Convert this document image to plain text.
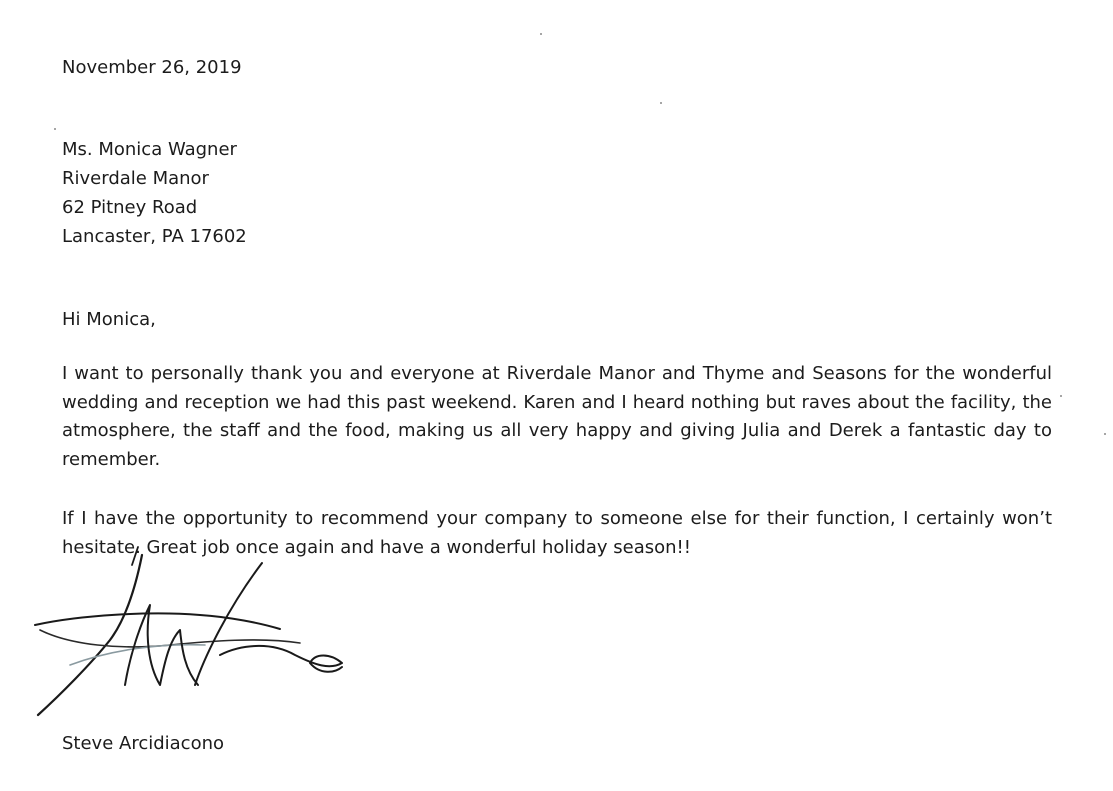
November 26, 2019
Ms. Monica Wagner
Riverdale Manor
62 Pitney Road
Lancaster, PA 17602
Hi Monica,
I want to personally thank you and everyone at Riverdale Manor and Thyme and Seasons for the wonderful wedding and reception we had this past weekend. Karen and I heard nothing but raves about the facility, the atmosphere, the staff and the food, making us all very happy and giving Julia and Derek a fantastic day to remember.
If I have the opportunity to recommend your company to someone else for their function, I certainly won’t hesitate. Great job once again and have a wonderful holiday season!!
Steve Arcidiacono
